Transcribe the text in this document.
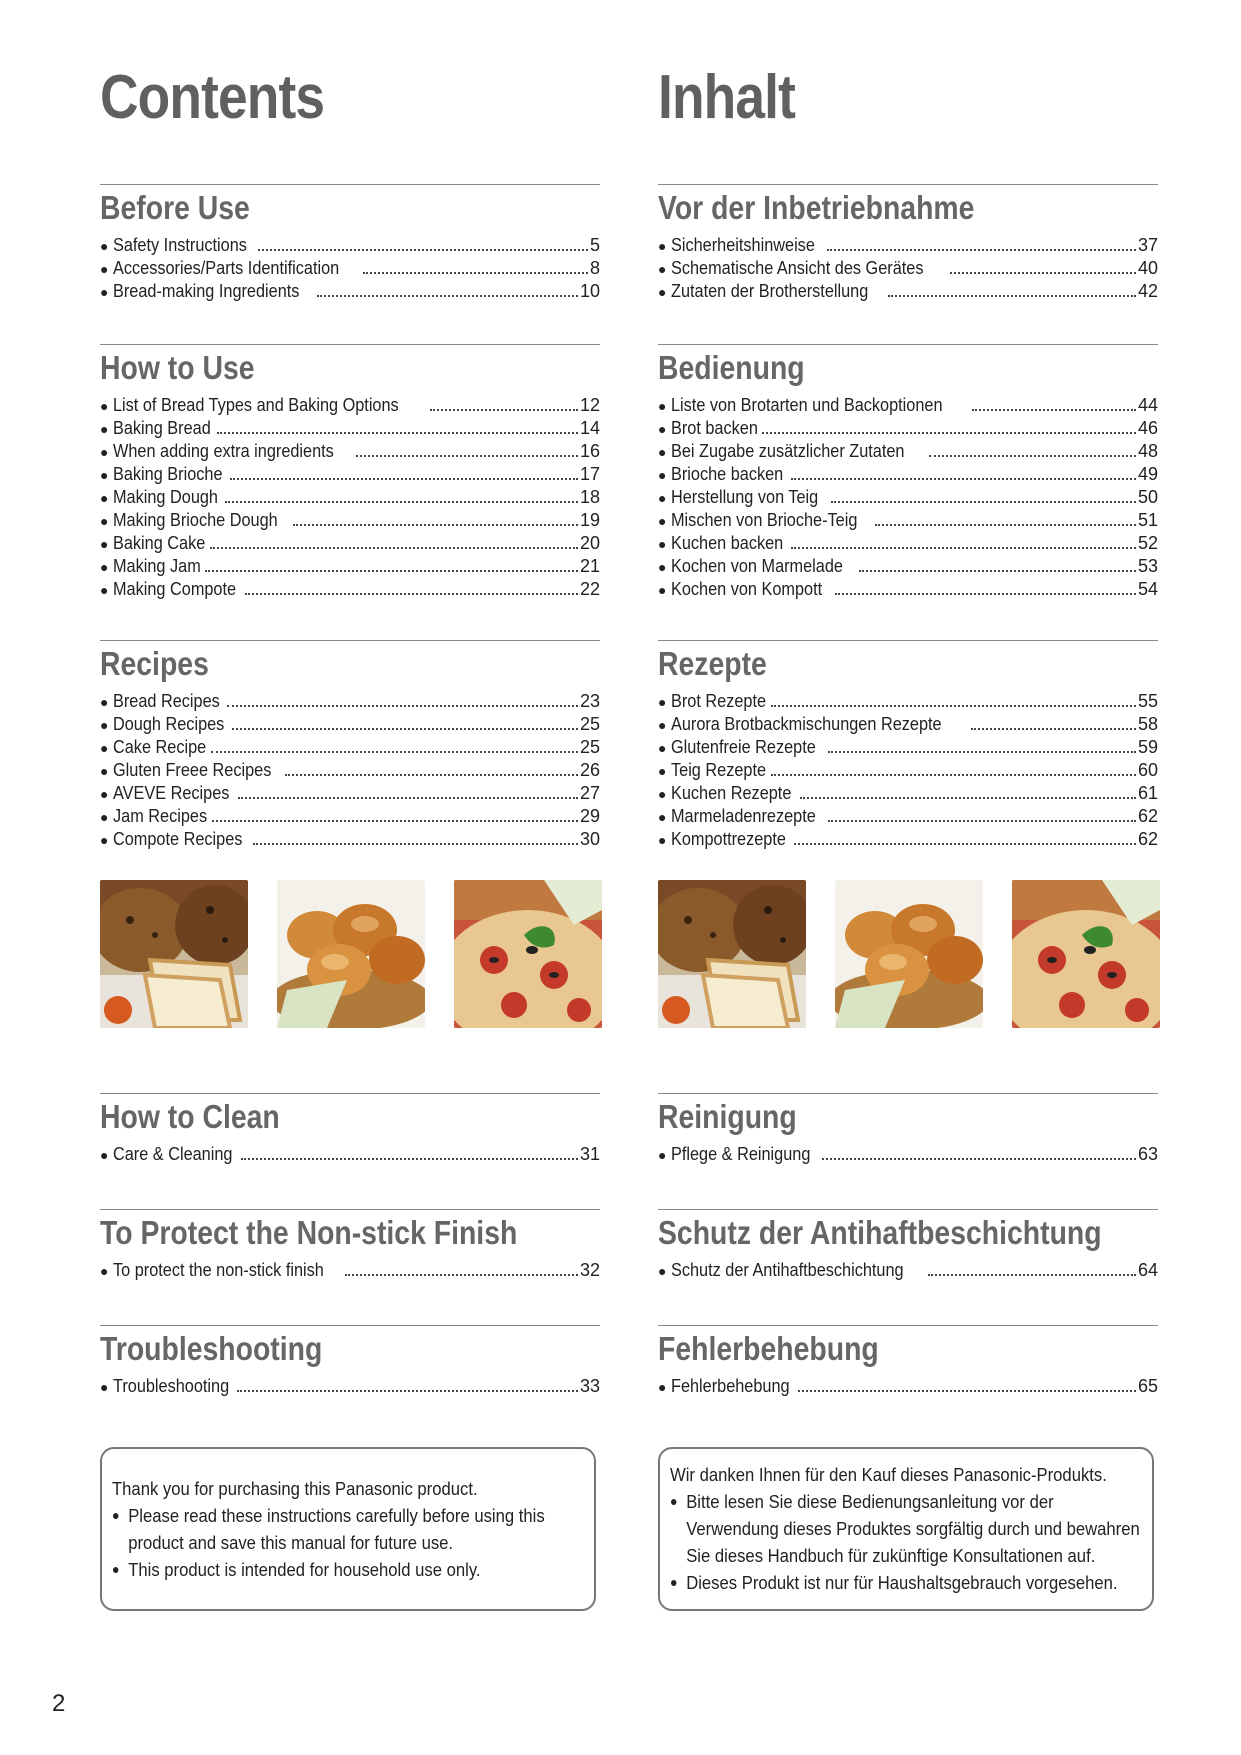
Contents
Before Use
● Safety Instructions	5
● Accessories/Parts Identification	8
● Bread-making Ingredients	10
How to Use
● List of Bread Types and Baking Options	12
● Baking Bread	14
● When adding extra ingredients	16
● Baking Brioche	17
● Making Dough	18
● Making Brioche Dough	19
● Baking Cake	20
● Making Jam	21
● Making Compote	22
Recipes
● Bread Recipes	23
● Dough Recipes	25
● Cake Recipe	25
● Gluten Freee Recipes	26
● AVEVE Recipes	27
● Jam Recipes	29
● Compote Recipes	30
How to Clean
● Care & Cleaning	31
To Protect the Non-stick Finish
● To protect the non-stick finish	32
Troubleshooting
● Troubleshooting	33

Thank you for purchasing this Panasonic product.

● Please read these instructions carefully before using this

product and save this manual for future use.

● This product is intended for household use only.

Inhalt
Vor der Inbetriebnahme
● Sicherheitshinweise	37
● Schematische Ansicht des Gerätes	40
● Zutaten der Brotherstellung	42
Bedienung
● Liste von Brotarten und Backoptionen	44
● Brot backen	46
● Bei Zugabe zusätzlicher Zutaten	48
● Brioche backen	49
● Herstellung von Teig	50
● Mischen von Brioche-Teig	51
● Kuchen backen	52
● Kochen von Marmelade	53
● Kochen von Kompott	54
Rezepte
● Brot Rezepte	55
● Aurora Brotbackmischungen Rezepte	58
● Glutenfreie Rezepte	59
● Teig Rezepte	60
● Kuchen Rezepte	61
● Marmeladenrezepte	62
● Kompottrezepte	62
Reinigung
● Pflege & Reinigung	63
Schutz der Antihaftbeschichtung
● Schutz der Antihaftbeschichtung	64
Fehlerbehebung
● Fehlerbehebung	65

Wir danken Ihnen für den Kauf dieses Panasonic-Produkts.

● Bitte lesen Sie diese Bedienungsanleitung vor der

Verwendung dieses Produktes sorgfältig durch und bewahren

Sie dieses Handbuch für zukünftige Konsultationen auf.

● Dieses Produkt ist nur für Haushaltsgebrauch vorgesehen.

2
